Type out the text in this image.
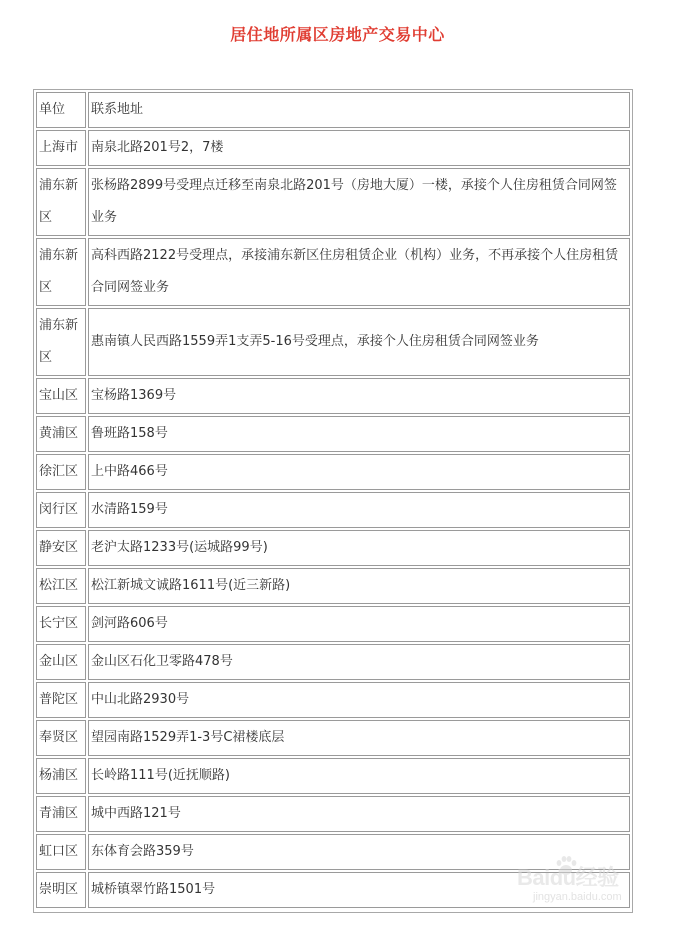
居住地所属区房地产交易中心
单位	联系地址
上海市	南泉北路201号2，7楼
浦东新区	张杨路2899号受理点迁移至南泉北路201号（房地大厦）一楼，承接个人住房租赁合同网签业务
浦东新区	高科西路2122号受理点，承接浦东新区住房租赁企业（机构）业务，不再承接个人住房租赁合同网签业务
浦东新区	惠南镇人民西路1559弄1支弄5-16号受理点，承接个人住房租赁合同网签业务
宝山区	宝杨路1369号
黄浦区	鲁班路158号
徐汇区	上中路466号
闵行区	水清路159号
静安区	老沪太路1233号(运城路99号)
松江区	松江新城文诚路1611号(近三新路)
长宁区	剑河路606号
金山区	金山区石化卫零路478号
普陀区	中山北路2930号
奉贤区	望园南路1529弄1-3号C裙楼底层
杨浦区	长岭路111号(近抚顺路)
青浦区	城中西路121号
虹口区	东体育会路359号
崇明区	城桥镇翠竹路1501号	Baidu经验
jingyan.baidu.com
